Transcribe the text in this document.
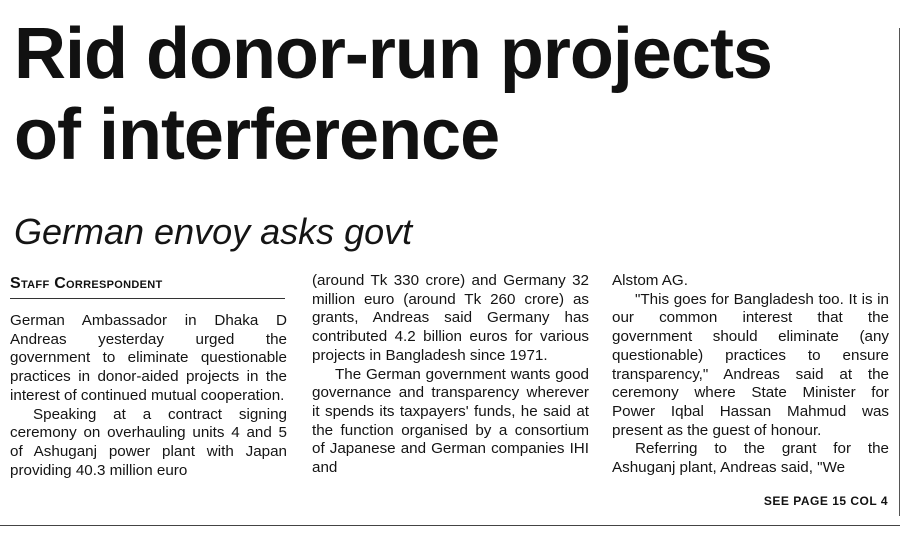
Rid donor-run projects
of interference
German envoy asks govt
Staff Correspondent

German Ambassador in Dhaka D Andreas yesterday urged the government to eliminate questionable practices in donor-aided projects in the interest of continued mutual cooperation.

Speaking at a contract signing ceremony on overhauling units 4 and 5 of Ashuganj power plant with Japan providing 40.3 million euro

(around Tk 330 crore) and Germany 32 million euro (around Tk 260 crore) as grants, Andreas said Germany has contributed 4.2 billion euros for various projects in Bangladesh since 1971.

The German government wants good governance and transparency wherever it spends its taxpayers' funds, he said at the function organised by a consortium of Japanese and German companies IHI and

Alstom AG.

"This goes for Bangladesh too. It is in our common interest that the government should eliminate (any questionable) practices to ensure transparency," Andreas said at the ceremony where State Minister for Power Iqbal Hassan Mahmud was present as the guest of honour.

Referring to the grant for the Ashuganj plant, Andreas said, "We

SEE PAGE 15 COL 4
